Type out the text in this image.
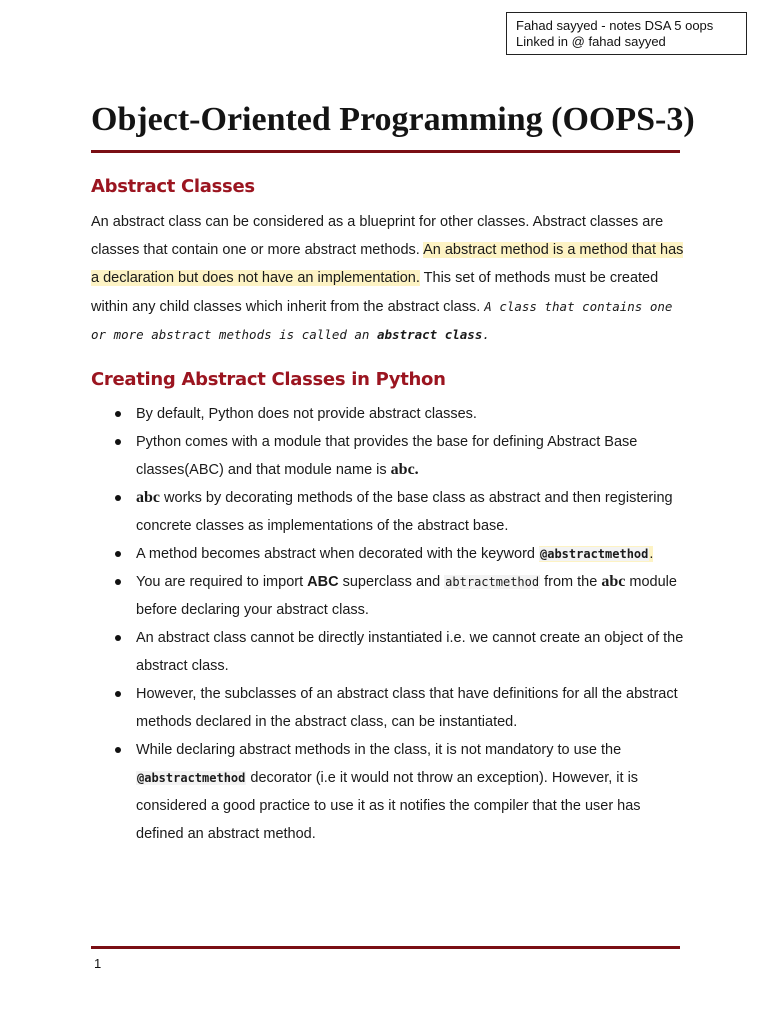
Fahad sayyed - notes DSA 5 oops
Linked in @ fahad sayyed
Object-Oriented Programming (OOPS-3)
Abstract Classes

An abstract class can be considered as a blueprint for other classes. Abstract classes are classes that contain one or more abstract methods. An abstract method is a method that has a declaration but does not have an implementation. This set of methods must be created within any child classes which inherit from the abstract class. A class that contains one or more abstract methods is called an abstract class.

Creating Abstract Classes in Python
By default, Python does not provide abstract classes.
Python comes with a module that provides the base for defining Abstract Base classes(ABC) and that module name is abc.
abc works by decorating methods of the base class as abstract and then registering concrete classes as implementations of the abstract base.
A method becomes abstract when decorated with the keyword @abstractmethod.
You are required to import ABC superclass and abtractmethod from the abc module before declaring your abstract class.
An abstract class cannot be directly instantiated i.e. we cannot create an object of the abstract class.
However, the subclasses of an abstract class that have definitions for all the abstract methods declared in the abstract class, can be instantiated.
While declaring abstract methods in the class, it is not mandatory to use the @abstractmethod decorator (i.e it would not throw an exception). However, it is considered a good practice to use it as it notifies the compiler that the user has defined an abstract method.
1
